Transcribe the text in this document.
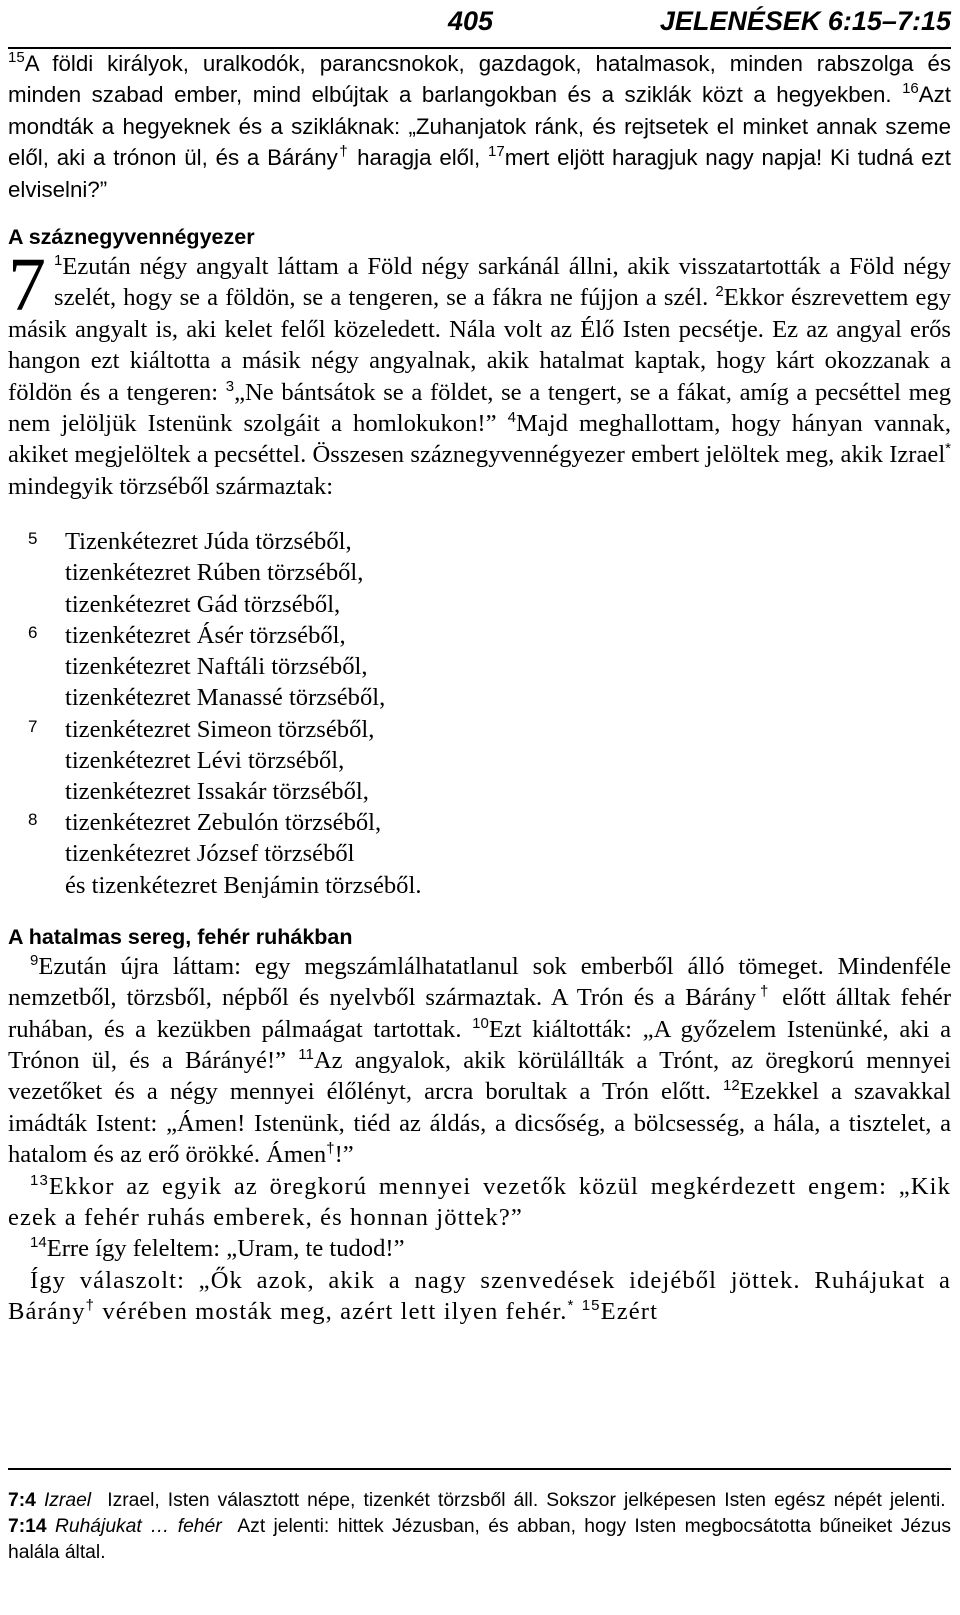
405	JELENÉSEK 6:15–7:15

$^{15}$A földi királyok, uralkodók, parancsnokok, gazdagok, hatalmasok, minden rabszolga és minden szabad ember, mind elbújtak a barlangokban és a sziklák közt a hegyekben. $^{16}$Azt mondták a hegyeknek és a szikláknak: „Zuhanjatok ránk, és rejtsetek el minket annak szeme elől, aki a trónon ül, és a Bárány† haragja elől, $^{17}$mert eljött haragjuk nagy napja! Ki tudná ezt elviselni?”

A száznegyvennégyezer

7 $^1$Ezután négy angyalt láttam a Föld négy sarkánál állni, akik visszatartották a Föld négy szelét, hogy se a földön, se a tengeren, se a fákra ne fújjon a szél. $^2$Ekkor észrevettem egy másik angyalt is, aki kelet felől közeledett. Nála volt az Élő Isten pecsétje. Ez az angyal erős hangon ezt kiáltotta a másik négy angyalnak, akik hatalmat kaptak, hogy kárt okozzanak a földön és a tengeren: $^3$„Ne bántsátok se a földet, se a tengert, se a fákat, amíg a pecséttel meg nem jelöljük Istenünk szolgáit a homlokukon!” $^4$Majd meghallottam, hogy hányan vannak, akiket megjelöltek a pecséttel. Összesen száznegyvennégyezer embert jelöltek meg, akik Izrael* mindegyik törzséből származtak:

5 Tizenkétezret Júda törzséből,
tizenkétezret Rúben törzséből,
tizenkétezret Gád törzséből,
6 tizenkétezret Ásér törzséből,
tizenkétezret Naftáli törzséből,
tizenkétezret Manassé törzséből,
7 tizenkétezret Simeon törzséből,
tizenkétezret Lévi törzséből,
tizenkétezret Issakár törzséből,
8 tizenkétezret Zebulón törzséből,
tizenkétezret József törzséből
és tizenkétezret Benjámin törzséből.
A hatalmas sereg, fehér ruhákban

$^9$Ezután újra láttam: egy megszámlálhatatlanul sok emberből álló tömeget. Mindenféle nemzetből, törzsből, népből és nyelvből származtak. A Trón és a Bárány† előtt álltak fehér ruhában, és a kezükben pálmaágat tartottak. $^{10}$Ezt kiáltották: „A győzelem Istenünké, aki a Trónon ül, és a Bárányé!” $^{11}$Az angyalok, akik körülállták a Trónt, az öregkorú mennyei vezetőket és a négy mennyei élőlényt, arcra borultak a Trón előtt. $^{12}$Ezekkel a szavakkal imádták Istent: „Ámen! Istenünk, tiéd az áldás, a dicsőség, a bölcsesség, a hála, a tisztelet, a hatalom és az erő örökké. Ámen†!”

$^{13}$Ekkor az egyik az öregkorú mennyei vezetők közül megkérdezett engem: „Kik ezek a fehér ruhás emberek, és honnan jöttek?”

$^{14}$Erre így feleltem: „Uram, te tudod!”

Így válaszolt: „Ők azok, akik a nagy szenvedések idejéből jöttek. Ruhájukat a Bárány† vérében mosták meg, azért lett ilyen fehér.* $^{15}$Ezért

7:4 Izrael Izrael, Isten választott népe, tizenkét törzsből áll. Sokszor jelképesen Isten egész népét jelenti.  7:14 Ruhájukat … fehér Azt jelenti: hittek Jézusban, és abban, hogy Isten megbocsátotta bűneiket Jézus halála által.
